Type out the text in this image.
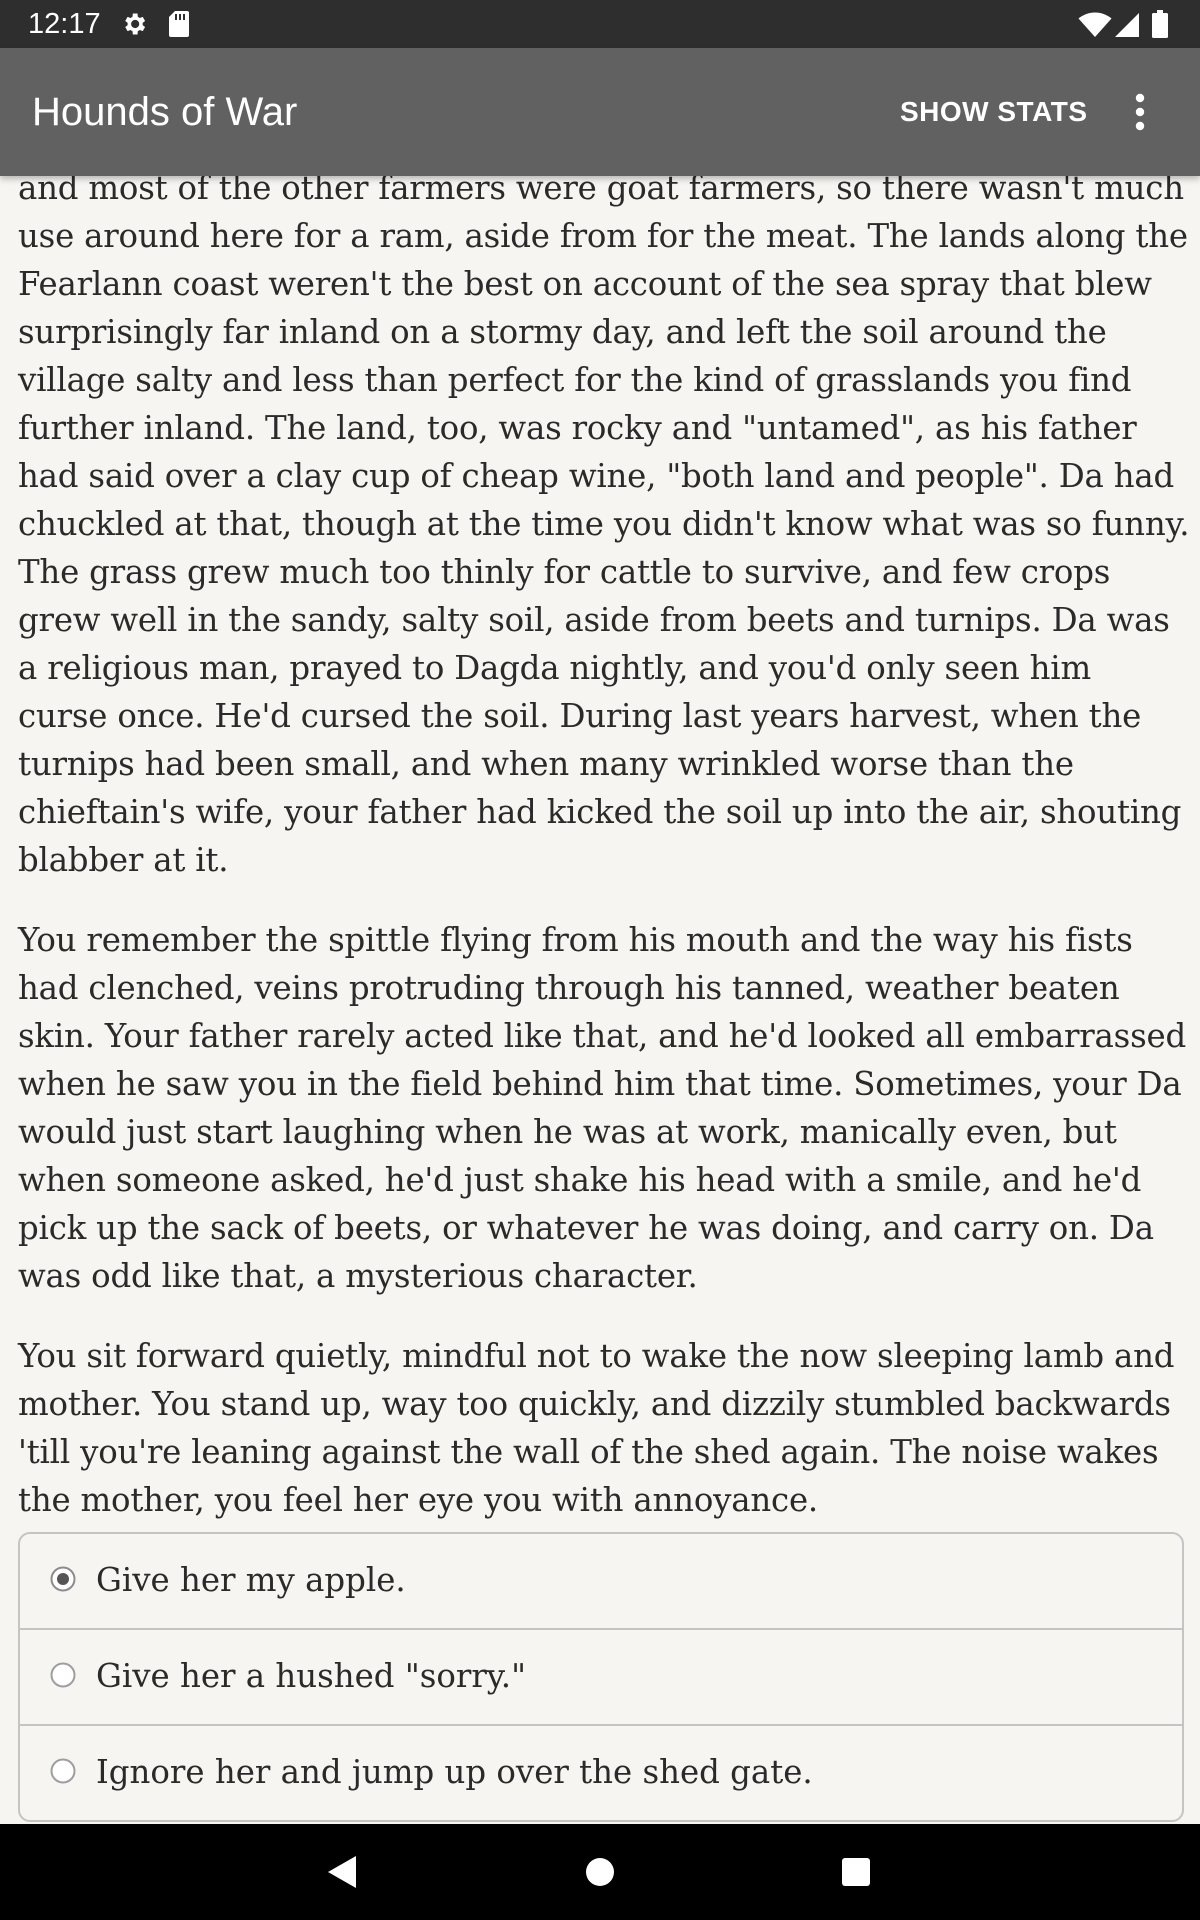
12:17
Hounds of War	SHOW STATS

and most of the other farmers were goat farmers, so there wasn't much use around here for a ram, aside from for the meat. The lands along the Fearlann coast weren't the best on account of the sea spray that blew surprisingly far inland on a stormy day, and left the soil around the village salty and less than perfect for the kind of grasslands you find further inland. The land, too, was rocky and "untamed", as his father had said over a clay cup of cheap wine, "both land and people". Da had chuckled at that, though at the time you didn't know what was so funny. The grass grew much too thinly for cattle to survive, and few crops grew well in the sandy, salty soil, aside from beets and turnips. Da was a religious man, prayed to Dagda nightly, and you'd only seen him curse once. He'd cursed the soil. During last years harvest, when the turnips had been small, and when many wrinkled worse than the chieftain's wife, your father had kicked the soil up into the air, shouting blabber at it.

You remember the spittle flying from his mouth and the way his fists had clenched, veins protruding through his tanned, weather beaten skin. Your father rarely acted like that, and he'd looked all embarrassed when he saw you in the field behind him that time. Sometimes, your Da would just start laughing when he was at work, manically even, but when someone asked, he'd just shake his head with a smile, and he'd pick up the sack of beets, or whatever he was doing, and carry on. Da was odd like that, a mysterious character.

You sit forward quietly, mindful not to wake the now sleeping lamb and mother. You stand up, way too quickly, and dizzily stumbled backwards 'till you're leaning against the wall of the shed again. The noise wakes the mother, you feel her eye you with annoyance.

Give her my apple.
Give her a hushed "sorry."
Ignore her and jump up over the shed gate.
